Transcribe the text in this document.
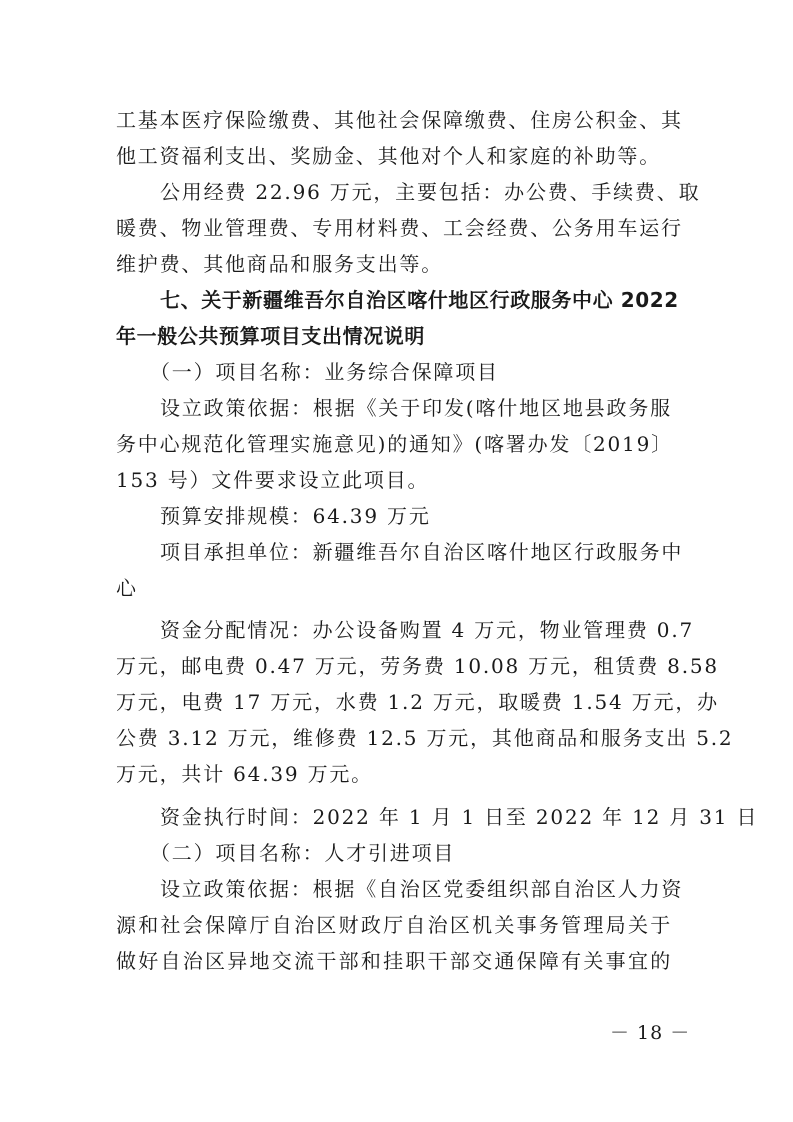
工基本医疗保险缴费、其他社会保障缴费、住房公积金、其
他工资福利支出、奖励金、其他对个人和家庭的补助等。
公用经费 22.96 万元，主要包括：办公费、手续费、取
暖费、物业管理费、专用材料费、工会经费、公务用车运行
维护费、其他商品和服务支出等。
七、关于新疆维吾尔自治区喀什地区行政服务中心 2022
年一般公共预算项目支出情况说明
（一）项目名称：业务综合保障项目
设立政策依据：根据《关于印发(喀什地区地县政务服
务中心规范化管理实施意见)的通知》(喀署办发〔2019〕
153 号）文件要求设立此项目。
预算安排规模：64.39 万元
项目承担单位：新疆维吾尔自治区喀什地区行政服务中
心
资金分配情况：办公设备购置 4 万元，物业管理费 0.7
万元，邮电费 0.47 万元，劳务费 10.08 万元，租赁费 8.58
万元，电费 17 万元，水费 1.2 万元，取暖费 1.54 万元，办
公费 3.12 万元，维修费 12.5 万元，其他商品和服务支出 5.2
万元，共计 64.39 万元。
资金执行时间：2022 年 1 月 1 日至 2022 年 12 月 31 日
（二）项目名称：人才引进项目
设立政策依据：根据《自治区党委组织部自治区人力资
源和社会保障厅自治区财政厅自治区机关事务管理局关于
做好自治区异地交流干部和挂职干部交通保障有关事宜的
－ 18 －
